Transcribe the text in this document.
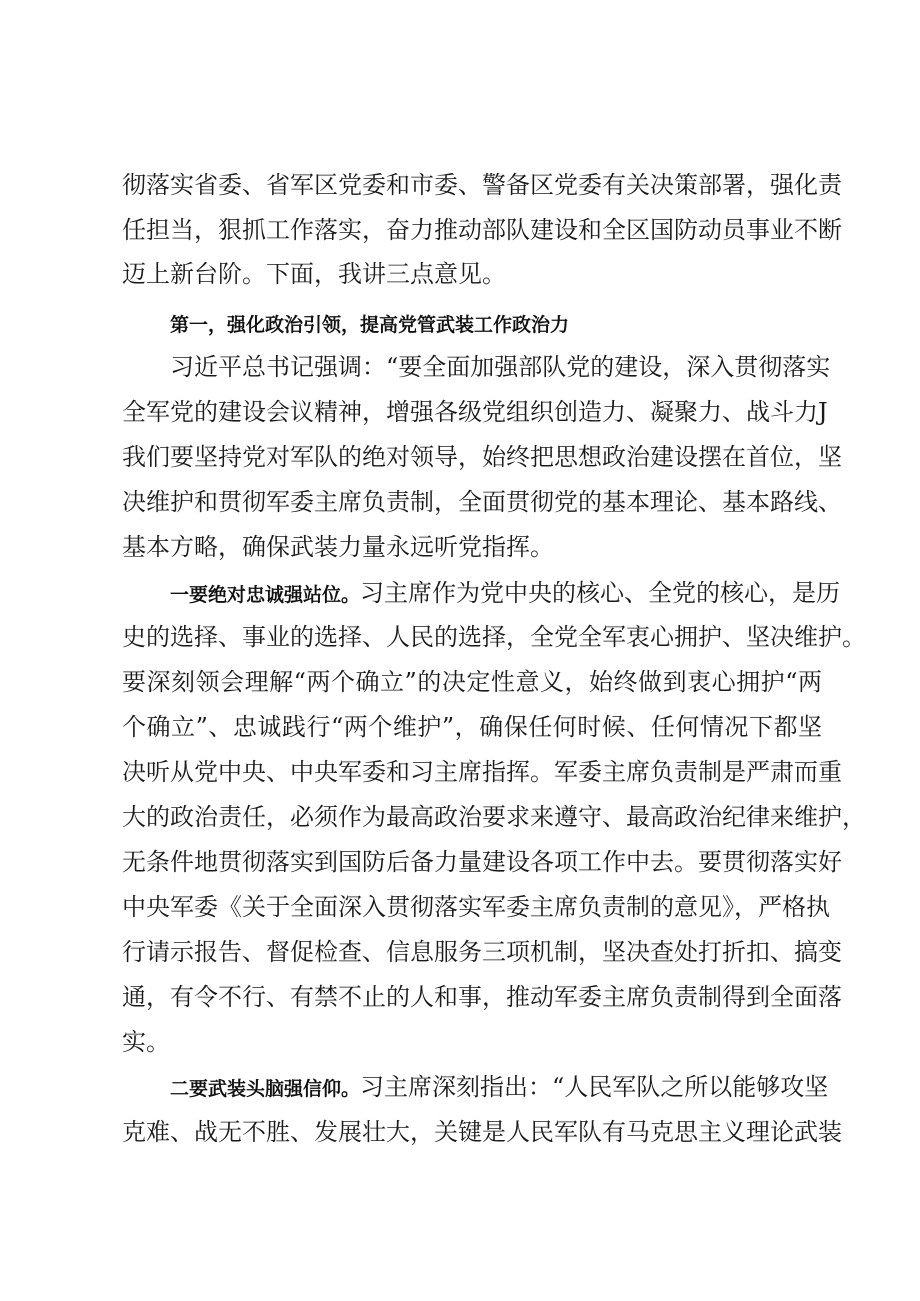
彻落实省委、省军区党委和市委、警备区党委有关决策部署，强化责
任担当，狠抓工作落实，奋力推动部队建设和全区国防动员事业不断
迈上新台阶。下面，我讲三点意见。
第一，强化政治引领，提高党管武装工作政治力
习近平总书记强调：“要全面加强部队党的建设，深入贯彻落实
全军党的建设会议精神，增强各级党组织创造力、凝聚力、战斗力J
我们要坚持党对军队的绝对领导，始终把思想政治建设摆在首位，坚
决维护和贯彻军委主席负责制，全面贯彻党的基本理论、基本路线、
基本方略，确保武装力量永远听党指挥。
一要绝对忠诚强站位。习主席作为党中央的核心、全党的核心，是历
史的选择、事业的选择、人民的选择，全党全军衷心拥护、坚决维护。
要深刻领会理解“两个确立”的决定性意义，始终做到衷心拥护“两
个确立”、忠诚践行“两个维护”，确保任何时候、任何情况下都坚
决听从党中央、中央军委和习主席指挥。军委主席负责制是严肃而重
大的政治责任，必须作为最高政治要求来遵守、最高政治纪律来维护，
无条件地贯彻落实到国防后备力量建设各项工作中去。要贯彻落实好
中央军委《关于全面深入贯彻落实军委主席负责制的意见》，严格执
行请示报告、督促检查、信息服务三项机制，坚决查处打折扣、搞变
通，有令不行、有禁不止的人和事，推动军委主席负责制得到全面落
实。
二要武装头脑强信仰。习主席深刻指出：“人民军队之所以能够攻坚
克难、战无不胜、发展壮大，关键是人民军队有马克思主义理论武装
